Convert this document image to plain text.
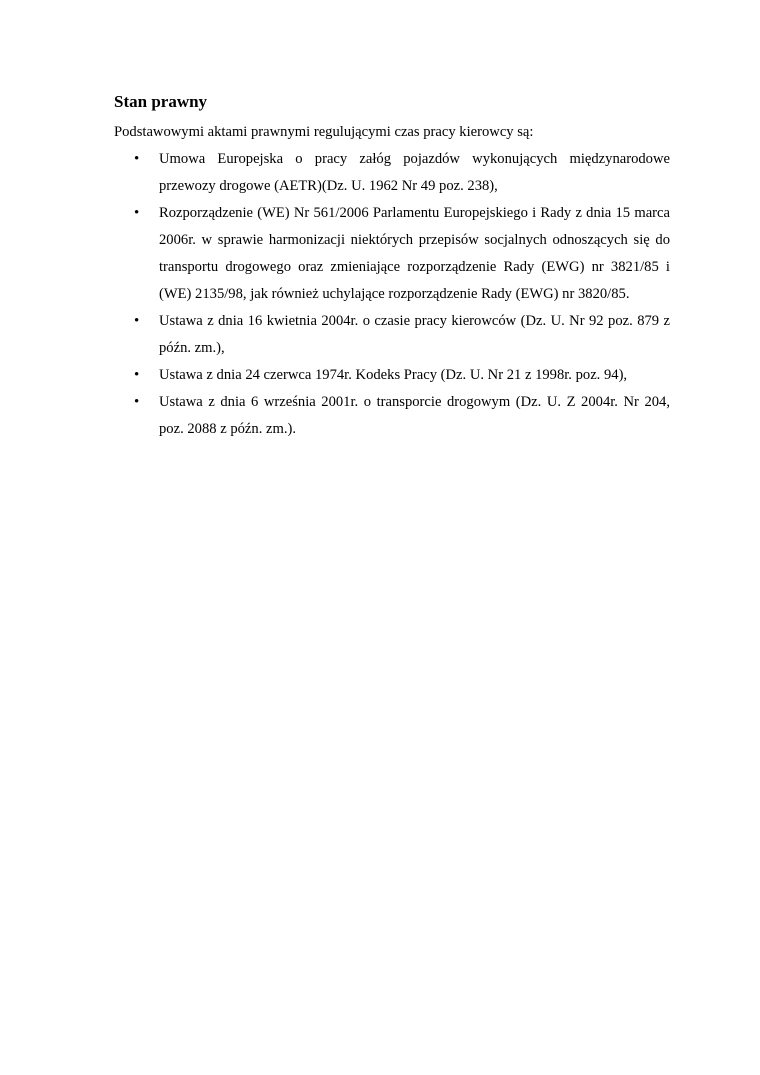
Stan prawny

Podstawowymi aktami prawnymi regulującymi czas pracy kierowcy są:

•	Umowa Europejska o pracy załóg pojazdów wykonujących międzynarodowe przewozy drogowe (AETR)(Dz. U. 1962 Nr 49 poz. 238),
•	Rozporządzenie (WE) Nr 561/2006 Parlamentu Europejskiego i Rady z dnia 15 marca 2006r. w sprawie harmonizacji niektórych przepisów socjalnych odnoszących się do transportu drogowego oraz zmieniające rozporządzenie Rady (EWG) nr 3821/85 i (WE) 2135/98, jak również uchylające rozporządzenie Rady (EWG) nr 3820/85.
•	Ustawa z dnia 16 kwietnia 2004r. o czasie pracy kierowców (Dz. U. Nr 92 poz. 879 z późn. zm.),
•	Ustawa z dnia 24 czerwca 1974r. Kodeks Pracy (Dz. U. Nr 21 z 1998r. poz. 94),
•	Ustawa z dnia 6 września 2001r. o transporcie drogowym (Dz. U. Z 2004r. Nr 204, poz. 2088 z późn. zm.).
